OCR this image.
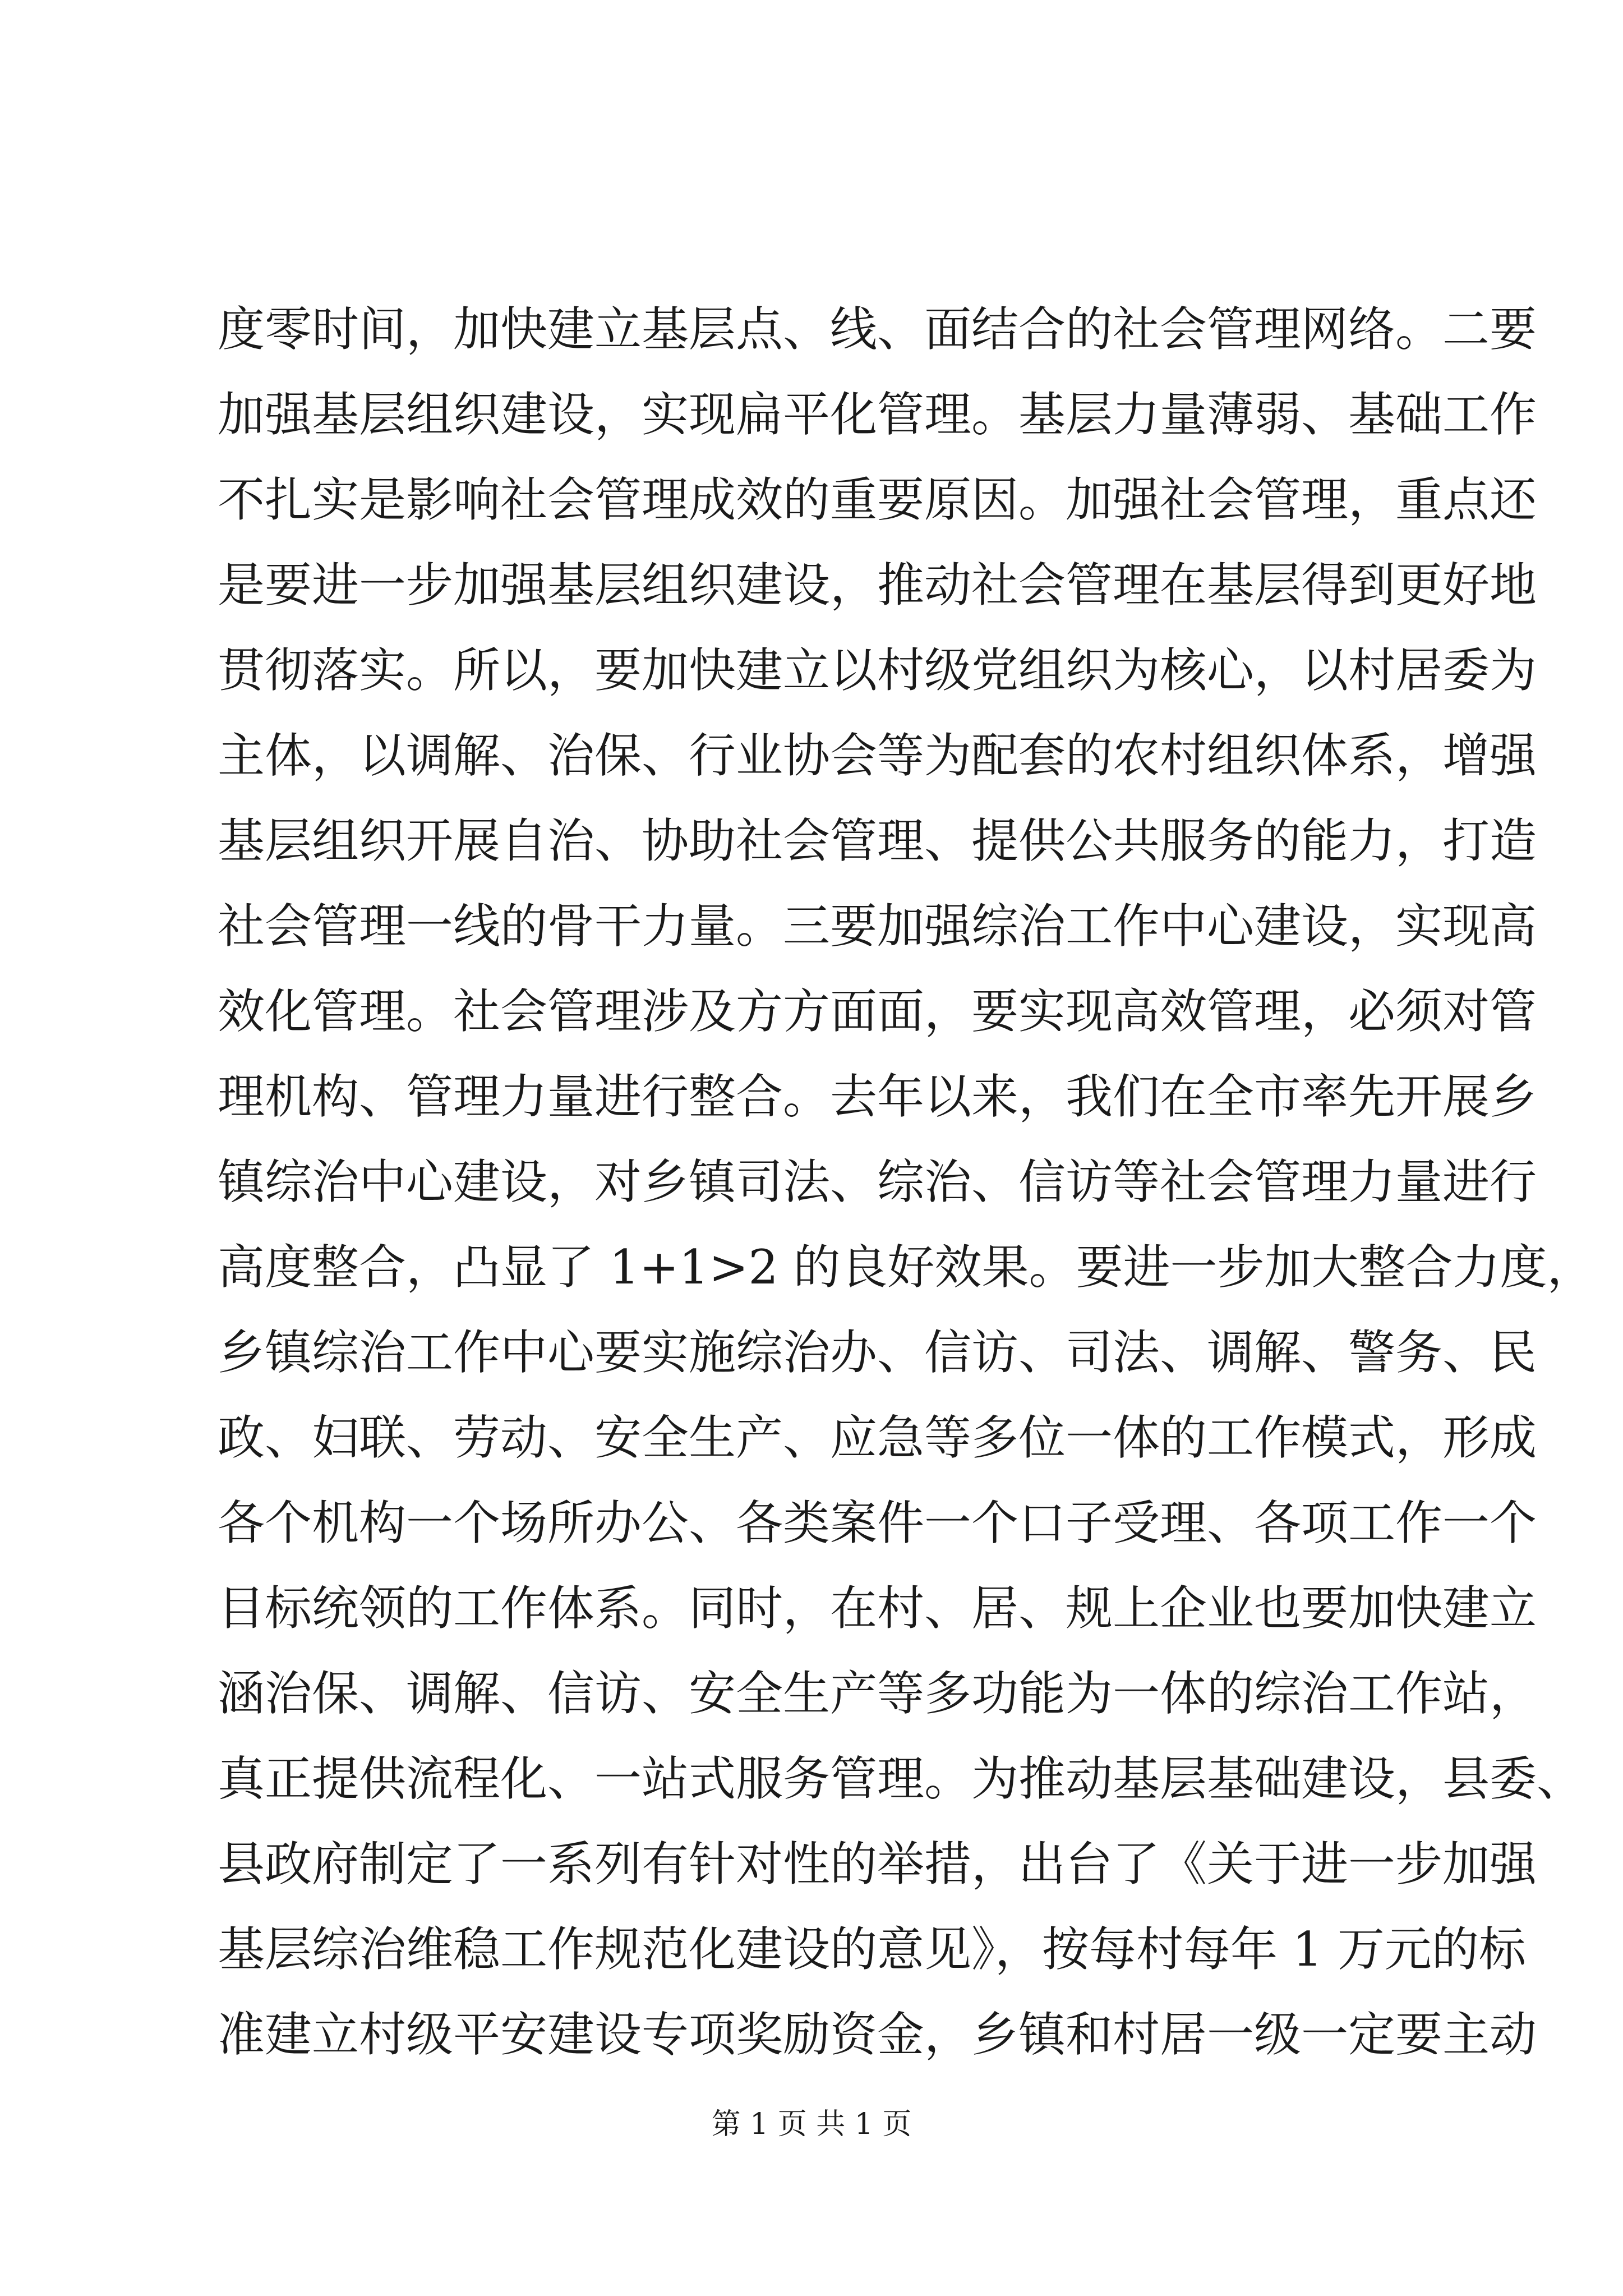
度零时间，加快建立基层点、线、面结合的社会管理网络。二要
加强基层组织建设，实现扁平化管理。基层力量薄弱、基础工作
不扎实是影响社会管理成效的重要原因。加强社会管理，重点还
是要进一步加强基层组织建设，推动社会管理在基层得到更好地
贯彻落实。所以，要加快建立以村级党组织为核心，以村居委为
主体，以调解、治保、行业协会等为配套的农村组织体系，增强
基层组织开展自治、协助社会管理、提供公共服务的能力，打造
社会管理一线的骨干力量。三要加强综治工作中心建设，实现高
效化管理。社会管理涉及方方面面，要实现高效管理，必须对管
理机构、管理力量进行整合。去年以来，我们在全市率先开展乡
镇综治中心建设，对乡镇司法、综治、信访等社会管理力量进行
高度整合，凸显了 1+1>2 的良好效果。要进一步加大整合力度，
乡镇综治工作中心要实施综治办、信访、司法、调解、警务、民
政、妇联、劳动、安全生产、应急等多位一体的工作模式，形成
各个机构一个场所办公、各类案件一个口子受理、各项工作一个
目标统领的工作体系。同时，在村、居、规上企业也要加快建立
涵治保、调解、信访、安全生产等多功能为一体的综治工作站，
真正提供流程化、一站式服务管理。为推动基层基础建设，县委、
县政府制定了一系列有针对性的举措，出台了《关于进一步加强
基层综治维稳工作规范化建设的意见》，按每村每年 1 万元的标
准建立村级平安建设专项奖励资金，乡镇和村居一级一定要主动
第 1 页 共 1 页
